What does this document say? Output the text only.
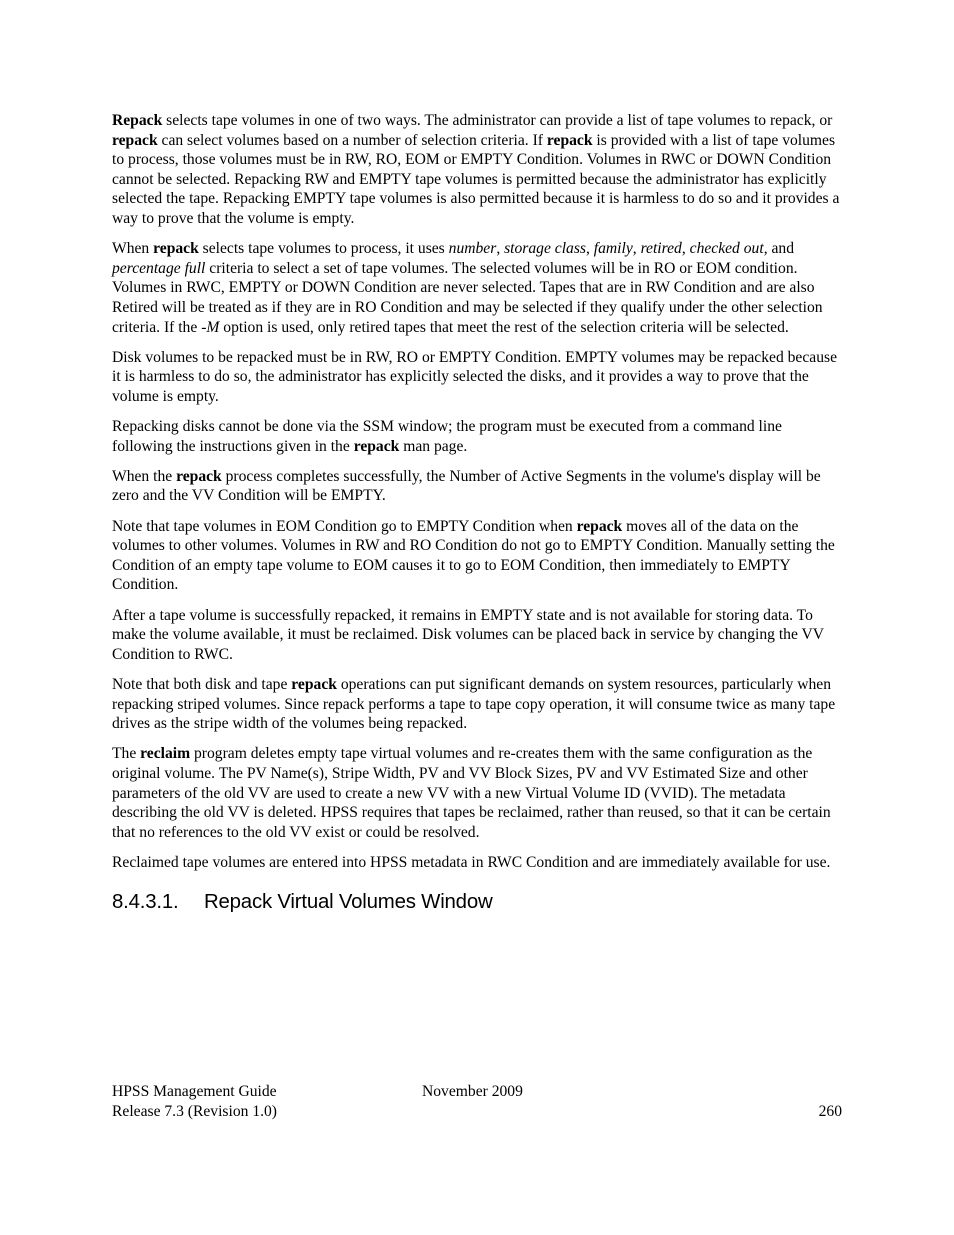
Repack selects tape volumes in one of two ways. The administrator can provide a list of tape volumes to repack, or repack can select volumes based on a number of selection criteria. If repack is provided with a list of tape volumes to process, those volumes must be in RW, RO, EOM or EMPTY Condition. Volumes in RWC or DOWN Condition cannot be selected. Repacking RW and EMPTY tape volumes is permitted because the administrator has explicitly selected the tape. Repacking EMPTY tape volumes is also permitted because it is harmless to do so and it provides a way to prove that the volume is empty.

When repack selects tape volumes to process, it uses number, storage class, family, retired, checked out, and percentage full criteria to select a set of tape volumes. The selected volumes will be in RO or EOM condition. Volumes in RWC, EMPTY or DOWN Condition are never selected. Tapes that are in RW Condition and are also Retired will be treated as if they are in RO Condition and may be selected if they qualify under the other selection criteria. If the -M option is used, only retired tapes that meet the rest of the selection criteria will be selected.

Disk volumes to be repacked must be in RW, RO or EMPTY Condition. EMPTY volumes may be repacked because it is harmless to do so, the administrator has explicitly selected the disks, and it provides a way to prove that the volume is empty.

Repacking disks cannot be done via the SSM window; the program must be executed from a command line following the instructions given in the repack man page.

When the repack process completes successfully, the Number of Active Segments in the volume's display will be zero and the VV Condition will be EMPTY.

Note that tape volumes in EOM Condition go to EMPTY Condition when repack moves all of the data on the volumes to other volumes. Volumes in RW and RO Condition do not go to EMPTY Condition. Manually setting the Condition of an empty tape volume to EOM causes it to go to EOM Condition, then immediately to EMPTY Condition.

After a tape volume is successfully repacked, it remains in EMPTY state and is not available for storing data. To make the volume available, it must be reclaimed. Disk volumes can be placed back in service by changing the VV Condition to RWC.

Note that both disk and tape repack operations can put significant demands on system resources, particularly when repacking striped volumes. Since repack performs a tape to tape copy operation, it will consume twice as many tape drives as the stripe width of the volumes being repacked.

The reclaim program deletes empty tape virtual volumes and re-creates them with the same configuration as the original volume. The PV Name(s), Stripe Width, PV and VV Block Sizes, PV and VV Estimated Size and other parameters of the old VV are used to create a new VV with a new Virtual Volume ID (VVID). The metadata describing the old VV is deleted. HPSS requires that tapes be reclaimed, rather than reused, so that it can be certain that no references to the old VV exist or could be resolved.

Reclaimed tape volumes are entered into HPSS metadata in RWC Condition and are immediately available for use.

8.4.3.1. Repack Virtual Volumes Window
HPSS Management Guide	November 2009
Release 7.3 (Revision 1.0)	260
